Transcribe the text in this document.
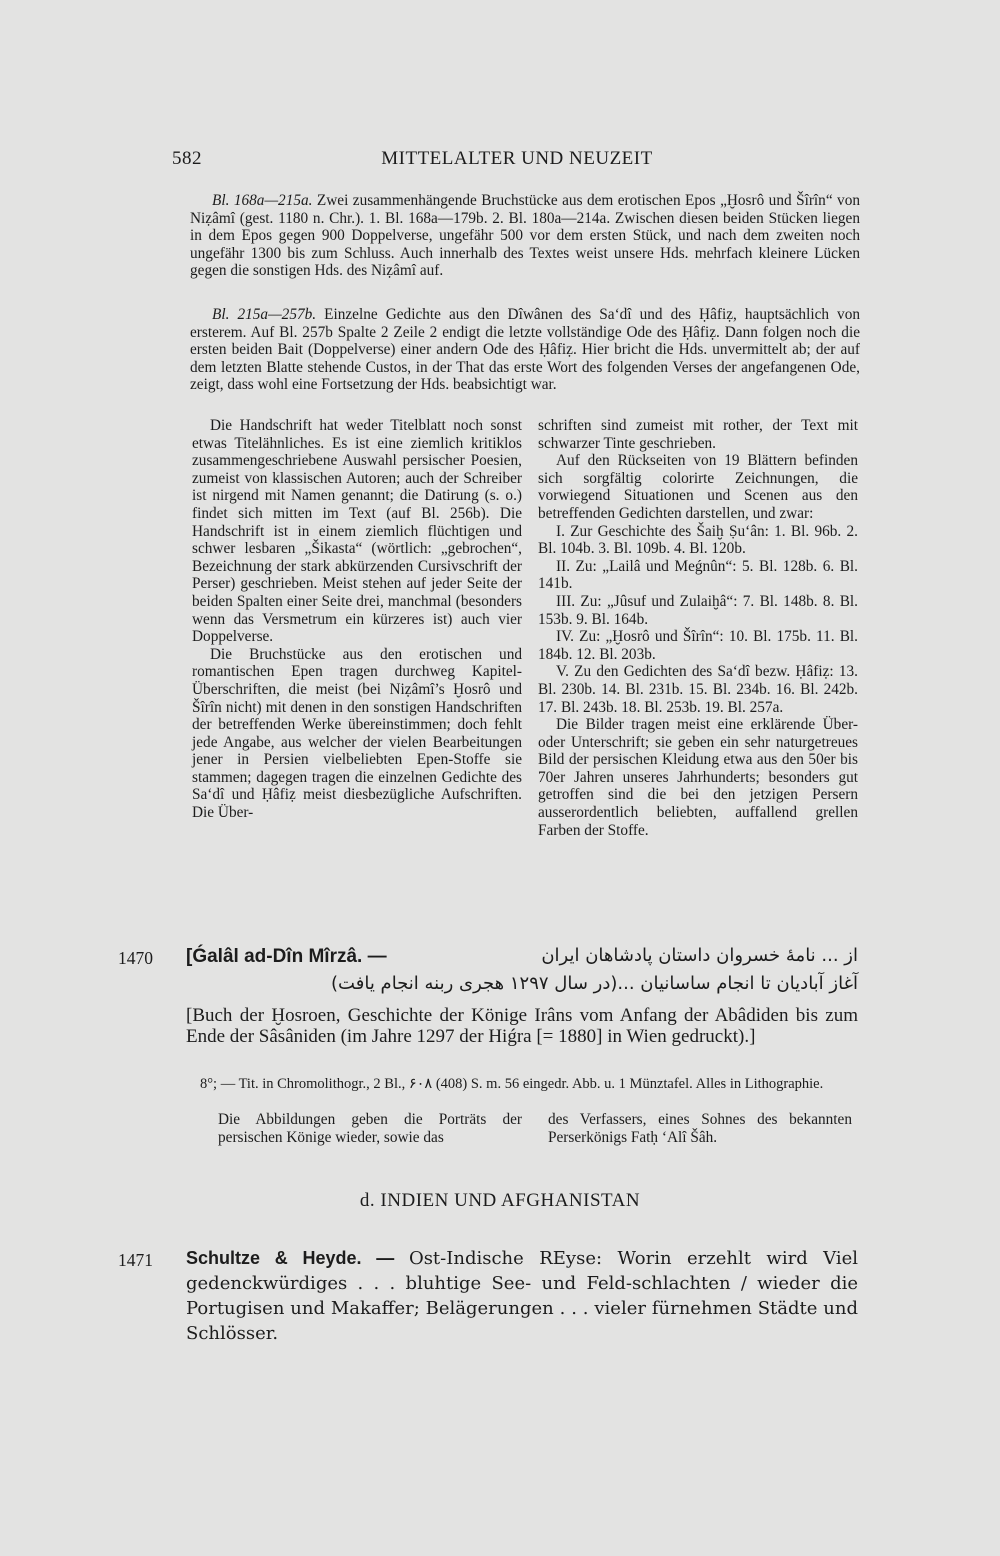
582	MITTELALTER UND NEUZEIT
Bl. 168a—215a. Zwei zusammenhängende Bruchstücke aus dem erotischen Epos „Ḫosrô und Šîrîn“ von Niẓâmî (gest. 1180 n. Chr.). 1. Bl. 168a—179b. 2. Bl. 180a—214a. Zwischen diesen beiden Stücken liegen in dem Epos gegen 900 Doppelverse, ungefähr 500 vor dem ersten Stück, und nach dem zweiten noch ungefähr 1300 bis zum Schluss. Auch innerhalb des Textes weist unsere Hds. mehrfach kleinere Lücken gegen die sonstigen Hds. des Niẓâmî auf.
Bl. 215a—257b. Einzelne Gedichte aus den Dîwânen des Sa‘dî und des Ḥâfiẓ, hauptsächlich von ersterem. Auf Bl. 257b Spalte 2 Zeile 2 endigt die letzte vollständige Ode des Ḥâfiẓ. Dann folgen noch die ersten beiden Bait (Doppelverse) einer andern Ode des Ḥâfiẓ. Hier bricht die Hds. unvermittelt ab; der auf dem letzten Blatte stehende Custos, in der That das erste Wort des folgenden Verses der angefangenen Ode, zeigt, dass wohl eine Fortsetzung der Hds. beabsichtigt war.

Die Handschrift hat weder Titelblatt noch sonst etwas Titelähnliches. Es ist eine ziemlich kritiklos zusammengeschriebene Auswahl persischer Poesien, zumeist von klassischen Autoren; auch der Schreiber ist nirgend mit Namen genannt; die Datirung (s. o.) findet sich mitten im Text (auf Bl. 256b). Die Handschrift ist in einem ziemlich flüchtigen und schwer lesbaren „Šikasta“ (wörtlich: „gebrochen“, Bezeichnung der stark abkürzenden Cursivschrift der Perser) geschrieben. Meist stehen auf jeder Seite der beiden Spalten einer Seite drei, manchmal (besonders wenn das Versmetrum ein kürzeres ist) auch vier Doppelverse.

Die Bruchstücke aus den erotischen und romantischen Epen tragen durchweg Kapitel-Überschriften, die meist (bei Niẓâmî’s Ḫosrô und Šîrîn nicht) mit denen in den sonstigen Handschriften der betreffenden Werke übereinstimmen; doch fehlt jede Angabe, aus welcher der vielen Bearbeitungen jener in Persien vielbeliebten Epen-Stoffe sie stammen; dagegen tragen die einzelnen Gedichte des Sa‘dî und Ḥâfiẓ meist diesbezügliche Aufschriften. Die Über-

schriften sind zumeist mit rother, der Text mit schwarzer Tinte geschrieben.

Auf den Rückseiten von 19 Blättern befinden sich sorgfältig colorirte Zeichnungen, die vorwiegend Situationen und Scenen aus den betreffenden Gedichten darstellen, und zwar:

I. Zur Geschichte des Šaiḫ Ṣu‘ân: 1. Bl. 96b. 2. Bl. 104b. 3. Bl. 109b. 4. Bl. 120b.

II. Zu: „Lailâ und Meǵnûn“: 5. Bl. 128b. 6. Bl. 141b.

III. Zu: „Jûsuf und Zulaiḫâ“: 7. Bl. 148b. 8. Bl. 153b. 9. Bl. 164b.

IV. Zu: „Ḫosrô und Šîrîn“: 10. Bl. 175b. 11. Bl. 184b. 12. Bl. 203b.

V. Zu den Gedichten des Sa‘dî bezw. Ḥâfiẓ: 13. Bl. 230b. 14. Bl. 231b. 15. Bl. 234b. 16. Bl. 242b. 17. Bl. 243b. 18. Bl. 253b. 19. Bl. 257a.

Die Bilder tragen meist eine erklärende Über- oder Unterschrift; sie geben ein sehr naturgetreues Bild der persischen Kleidung etwa aus den 50er bis 70er Jahren unseres Jahrhunderts; besonders gut getroffen sind die bei den jetzigen Persern ausserordentlich beliebten, auffallend grellen Farben der Stoffe.

1470 [Ǵalâl ad-Dîn Mîrzâ. —	از ... نامهٔ خسروان داستان پادشاهان ایران
آغاز آبادیان تا انجام ساسانیان ...(در سال ۱۲۹۷ هجری ربنه انجام یافت)
[Buch der Ḫosroen, Geschichte der Könige Irâns vom Anfang der Abâdiden bis zum Ende der Sâsâniden (im Jahre 1297 der Hiǵra [= 1880] in Wien gedruckt).]
8°; — Tit. in Chromolithogr., 2 Bl., ۶۰۸ (408) S. m. 56 eingedr. Abb. u. 1 Münztafel. Alles in Lithographie.
Die Abbildungen geben die Porträts der persischen Könige wieder, sowie das
des Verfassers, eines Sohnes des bekannten Perserkönigs Fatḥ ‘Alî Šâh.
d. INDIEN UND AFGHANISTAN
1471 Schultze & Heyde. — Ost-Indische REyse: Worin erzehlt wird Viel gedenckwürdiges . . . bluhtige See- und Feld-schlachten / wieder die Portugisen und Makaffer; Belägerungen . . . vieler fürnehmen Städte und Schlösser.
